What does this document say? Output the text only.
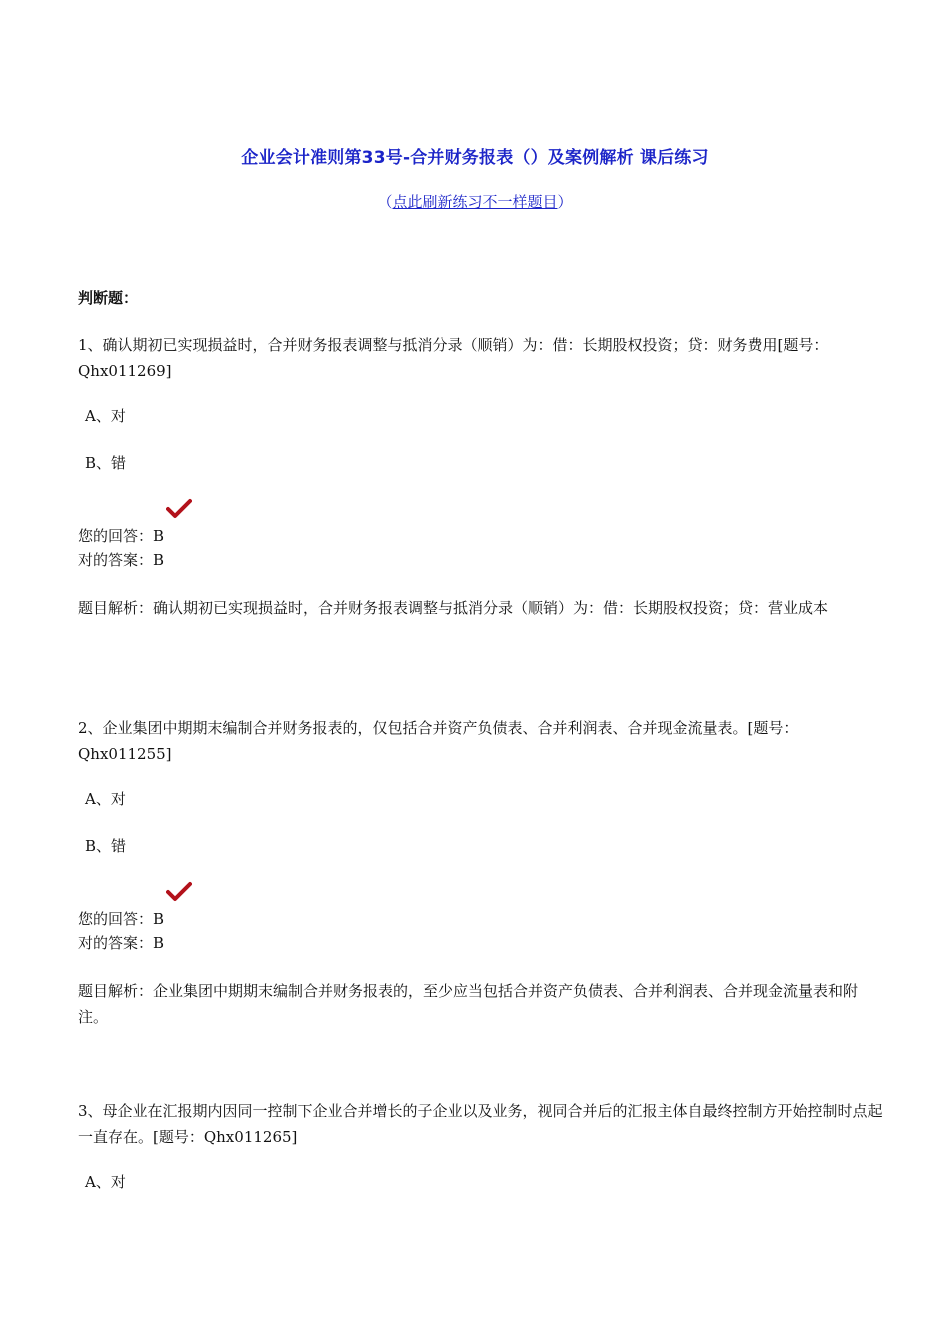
企业会计准则第33号-合并财务报表（）及案例解析 课后练习
（点此刷新练习不一样题目）
判断题：
1、确认期初已实现损益时，合并财务报表调整与抵消分录（顺销）为：借：长期股权投资；贷：财务费用[题号：Qhx011269]
A、对
B、错
您的回答：B
对的答案：B
题目解析：确认期初已实现损益时，合并财务报表调整与抵消分录（顺销）为：借：长期股权投资；贷：营业成本
2、企业集团中期期末编制合并财务报表的，仅包括合并资产负债表、合并利润表、合并现金流量表。[题号：Qhx011255]
A、对
B、错
您的回答：B
对的答案：B
题目解析：企业集团中期期末编制合并财务报表的，至少应当包括合并资产负债表、合并利润表、合并现金流量表和附注。
3、母企业在汇报期内因同一控制下企业合并增长的子企业以及业务，视同合并后的汇报主体自最终控制方开始控制时点起一直存在。[题号：Qhx011265]
A、对
